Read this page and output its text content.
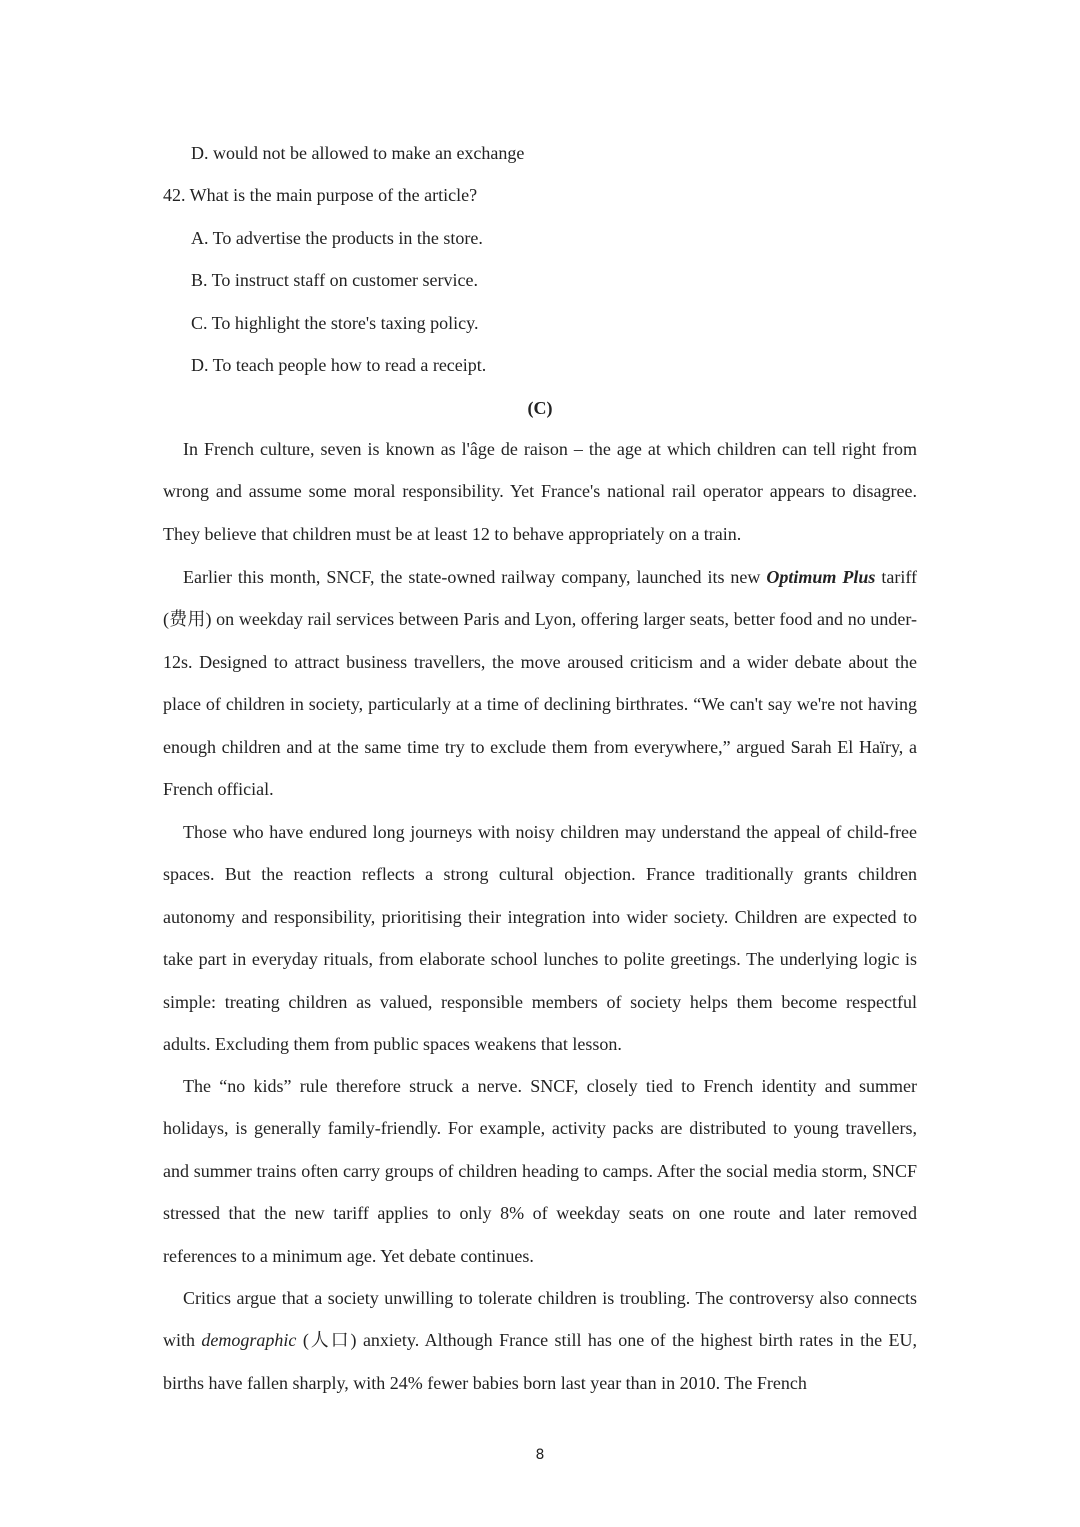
D. would not be allowed to make an exchange
42. What is the main purpose of the article?
A. To advertise the products in the store.
B. To instruct staff on customer service.
C. To highlight the store's taxing policy.
D. To teach people how to read a receipt.
(C)

In French culture, seven is known as l'âge de raison – the age at which children can tell right from wrong and assume some moral responsibility. Yet France's national rail operator appears to disagree. They believe that children must be at least 12 to behave appropriately on a train.

Earlier this month, SNCF, the state-owned railway company, launched its new Optimum Plus tariff (费用) on weekday rail services between Paris and Lyon, offering larger seats, better food and no under-12s. Designed to attract business travellers, the move aroused criticism and a wider debate about the place of children in society, particularly at a time of declining birthrates. “We can't say we're not having enough children and at the same time try to exclude them from everywhere,” argued Sarah El Haïry, a French official.

Those who have endured long journeys with noisy children may understand the appeal of child-free spaces. But the reaction reflects a strong cultural objection. France traditionally grants children autonomy and responsibility, prioritising their integration into wider society. Children are expected to take part in everyday rituals, from elaborate school lunches to polite greetings. The underlying logic is simple: treating children as valued, responsible members of society helps them become respectful adults. Excluding them from public spaces weakens that lesson.

The “no kids” rule therefore struck a nerve. SNCF, closely tied to French identity and summer holidays, is generally family-friendly. For example, activity packs are distributed to young travellers, and summer trains often carry groups of children heading to camps. After the social media storm, SNCF stressed that the new tariff applies to only 8% of weekday seats on one route and later removed references to a minimum age. Yet debate continues.

Critics argue that a society unwilling to tolerate children is troubling. The controversy also connects with demographic (人口) anxiety. Although France still has one of the highest birth rates in the EU, births have fallen sharply, with 24% fewer babies born last year than in 2010. The French

8
